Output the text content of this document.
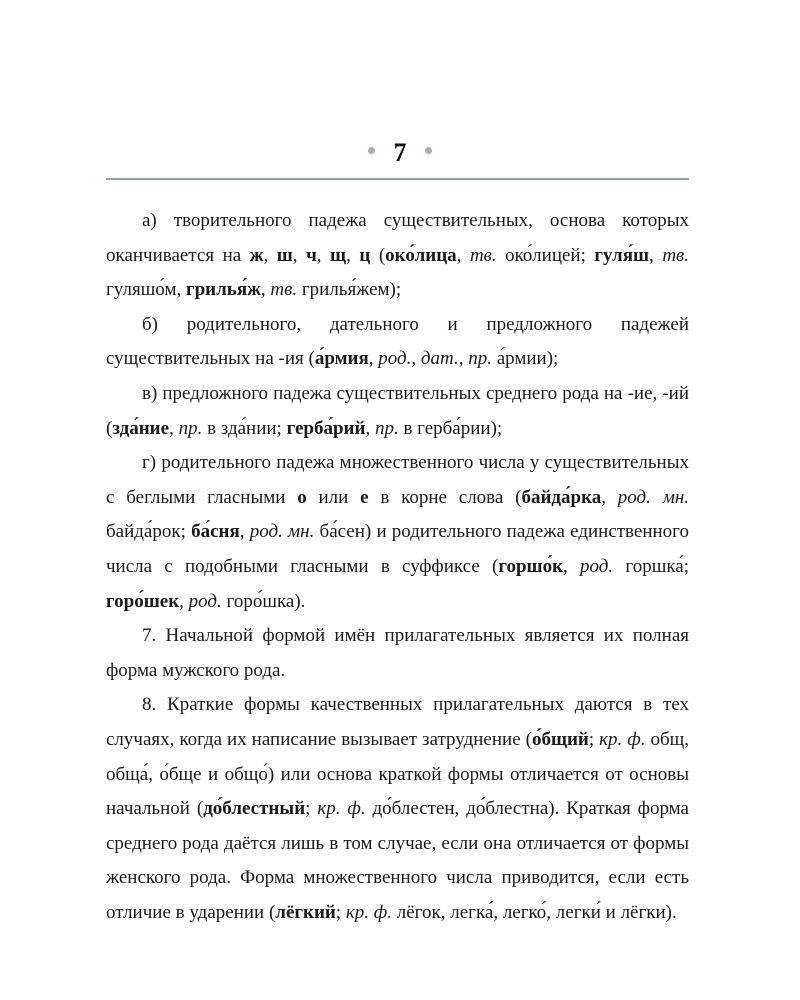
7

а) творительного падежа существительных, основа которых оканчивается на ж, ш, ч, щ, ц (око́лица, тв. око́лицей; гуля́ш, тв. гуляшо́м, грилья́ж, тв. грилья́жем);

б) родительного, дательного и предложного падежей существительных на -ия (а́рмия, род., дат., пр. а́рмии);

в) предложного падежа существительных среднего рода на -ие, -ий (зда́ние, пр. в зда́нии; герба́рий, пр. в герба́рии);

г) родительного падежа множественного числа у существительных с беглыми гласными о или е в корне слова (байда́рка, род. мн. байда́рок; ба́сня, род. мн. ба́сен) и родительного падежа единственного числа с подобными гласными в суффиксе (горшо́к, род. горшка́; горо́шек, род. горо́шка).

7. Начальной формой имён прилагательных является их полная форма мужского рода.

8. Краткие формы качественных прилагательных даются в тех случаях, когда их написание вызывает затруднение (о́бщий; кр. ф. общ, обща́, о́бще и общо́) или основа краткой формы отличается от основы начальной (до́блестный; кр. ф. до́блестен, до́блестна). Краткая форма среднего рода даётся лишь в том случае, если она отличается от формы женского рода. Форма множественного числа приводится, если есть отличие в ударении (лёгкий; кр. ф. лёгок, легка́, легко́, легки́ и лёгки).
